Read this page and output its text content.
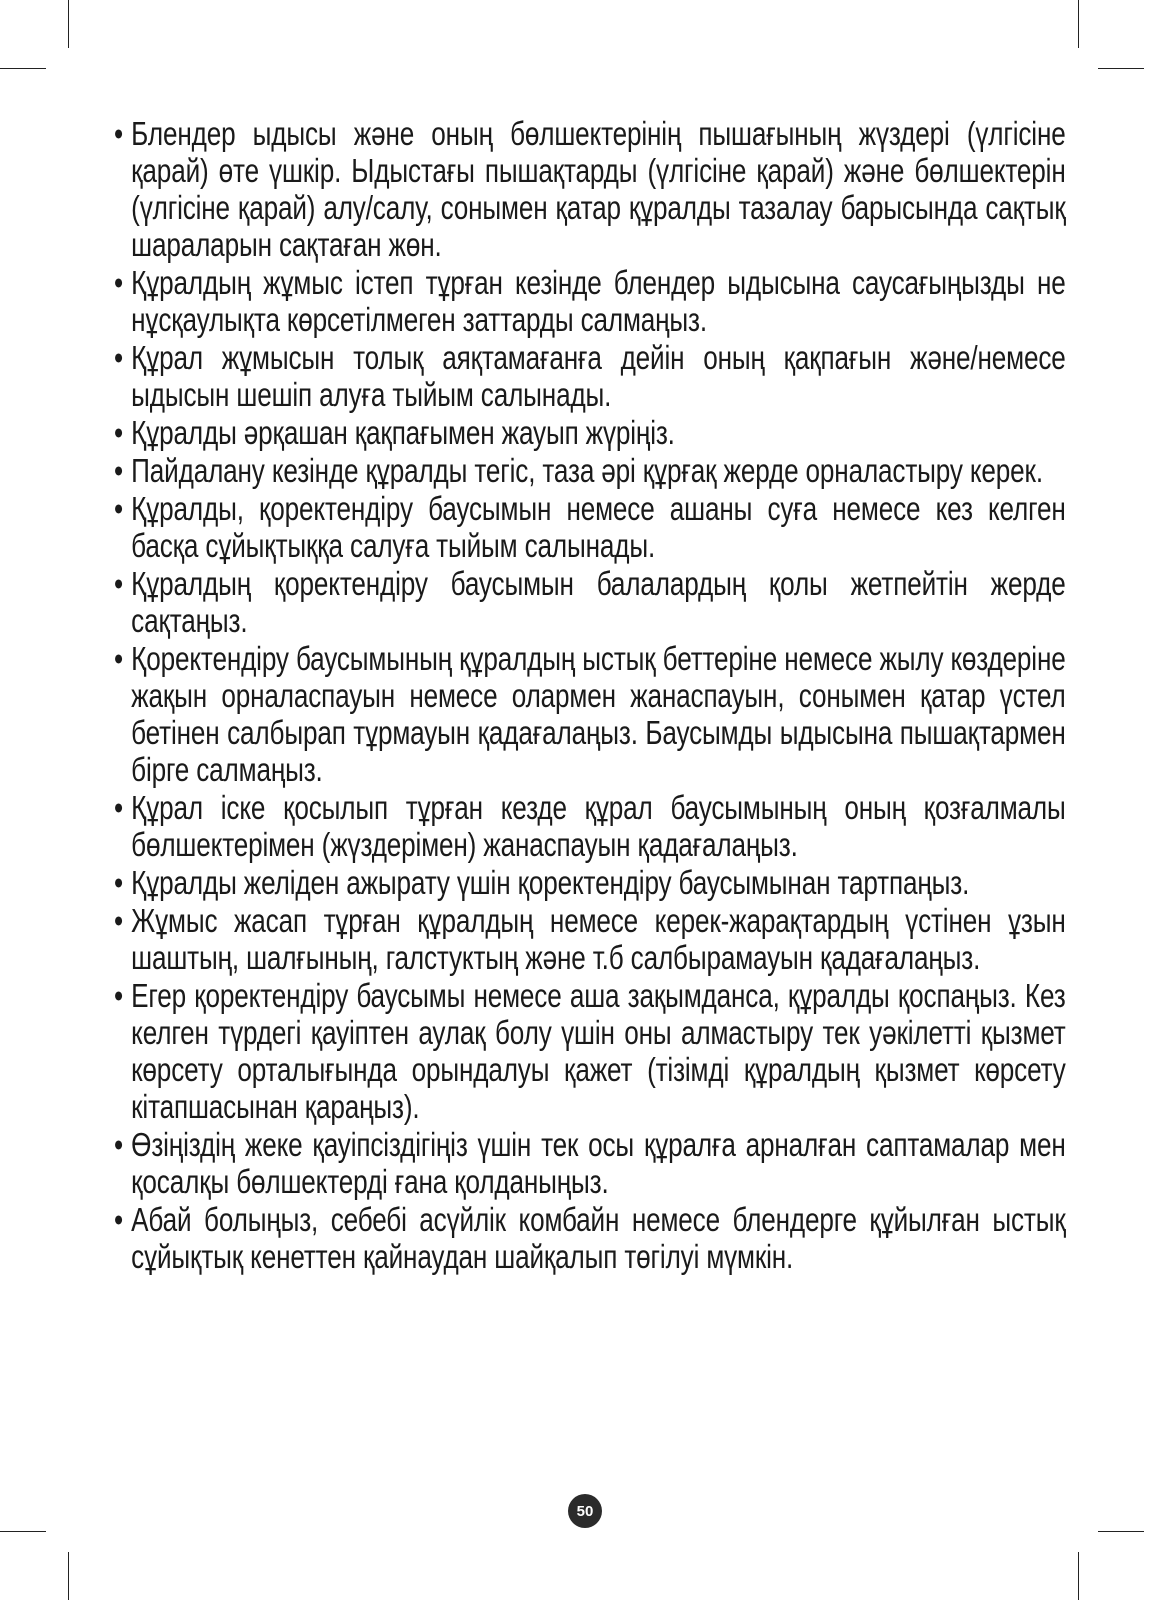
• Блендер ыдысы және оның бөлшектерінің пышағының жүздері (үлгісіне қарай) өте үшкір. Ыдыстағы пышақтарды (үлгісіне қарай) және бөлшектерін (үлгісіне қарай) алу/салу, сонымен қатар құралды тазалау барысында сақтық шараларын сақтаған жөн.
• Құралдың жұмыс істеп тұрған кезінде блендер ыдысына саусағыңызды не нұсқаулықта көрсетілмеген заттарды салмаңыз.
• Құрал жұмысын толық аяқтамағанға дейін оның қақпағын және/немесе ыдысын шешіп алуға тыйым салынады.
• Құралды әрқашан қақпағымен жауып жүріңіз.
• Пайдалану кезінде құралды тегіс, таза әрі құрғақ жерде орналастыру керек.
• Құралды, қоректендіру баусымын немесе ашаны суға немесе кез келген басқа сұйықтыққа салуға тыйым салынады.
• Құралдың қоректендіру баусымын балалардың қолы жетпейтін жерде сақтаңыз.
• Қоректендіру баусымының құралдың ыстық беттеріне немесе жылу көздеріне жақын орналаспауын немесе олармен жанаспауын, сонымен қатар үстел бетінен салбырап тұрмауын қадағалаңыз. Баусымды ыдысына пышақтармен бірге салмаңыз.
• Құрал іске қосылып тұрған кезде құрал баусымының оның қозғалмалы бөлшектерімен (жүздерімен) жанаспауын қадағалаңыз.
• Құралды желіден ажырату үшін қоректендіру баусымынан тартпаңыз.
• Жұмыс жасап тұрған құралдың немесе керек-жарақтардың үстінен ұзын шаштың, шалғының, галстуктың және т.б салбырамауын қадағалаңыз.
• Егер қоректендіру баусымы немесе аша зақымданса, құралды қоспаңыз. Кез келген түрдегі қауіптен аулақ болу үшін оны алмастыру тек уәкілетті қызмет көрсету орталығында орындалуы қажет (тізімді құралдың қызмет көрсету кітапшасынан қараңыз).
• Өзіңіздің жеке қауіпсіздігіңіз үшін тек осы құралға арналған саптамалар мен қосалқы бөлшектерді ғана қолданыңыз.
• Абай болыңыз, себебі асүйлік комбайн немесе блендерге құйылған ыстық сұйықтық кенеттен қайнаудан шайқалып төгілуі мүмкін.
50
